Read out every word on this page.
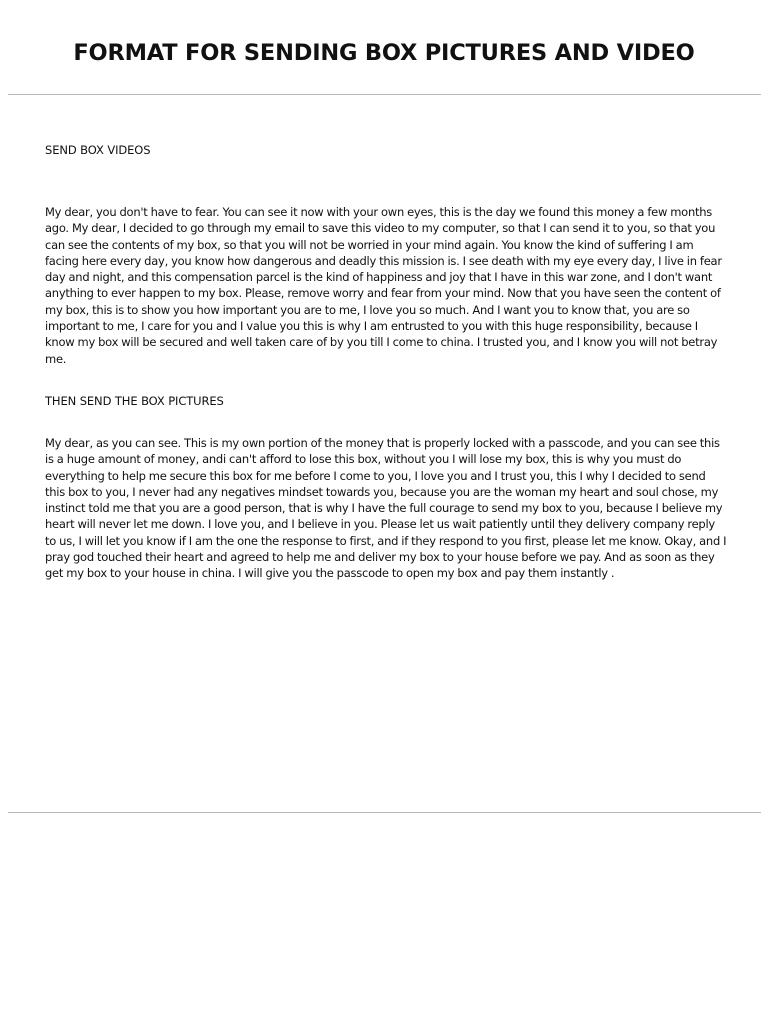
FORMAT FOR SENDING BOX PICTURES AND VIDEO

SEND BOX VIDEOS

My dear, you don't have to fear. You can see it now with your own eyes, this is the day we found this money a few months ago. My dear, I decided to go through my email to save this video to my computer, so that I can send it to you, so that you can see the contents of my box, so that you will not be worried in your mind again. You know the kind of suffering I am facing here every day, you know how dangerous and deadly this mission is. I see death with my eye every day, I live in fear day and night, and this compensation parcel is the kind of happiness and joy that I have in this war zone, and I don't want anything to ever happen to my box. Please, remove worry and fear from your mind. Now that you have seen the content of my box, this is to show you how important you are to me, I love you so much. And I want you to know that, you are so important to me, I care for you and I value you this is why I am entrusted to you with this huge responsibility, because I know my box will be secured and well taken care of by you till I come to china. I trusted you, and I know you will not betray me.

THEN SEND THE BOX PICTURES

My dear, as you can see. This is my own portion of the money that is properly locked with a passcode, and you can see this is a huge amount of money, andi can't afford to lose this box, without you I will lose my box, this is why you must do everything to help me secure this box for me before I come to you, I love you and I trust you, this I why I decided to send this box to you, I never had any negatives mindset towards you, because you are the woman my heart and soul chose, my instinct told me that you are a good person, that is why I have the full courage to send my box to you, because I believe my heart will never let me down. I love you, and I believe in you. Please let us wait patiently until they delivery company reply to us, I will let you know if I am the one the response to first, and if they respond to you first, please let me know. Okay, and I pray god touched their heart and agreed to help me and deliver my box to your house before we pay. And as soon as they get my box to your house in china. I will give you the passcode to open my box and pay them instantly .
